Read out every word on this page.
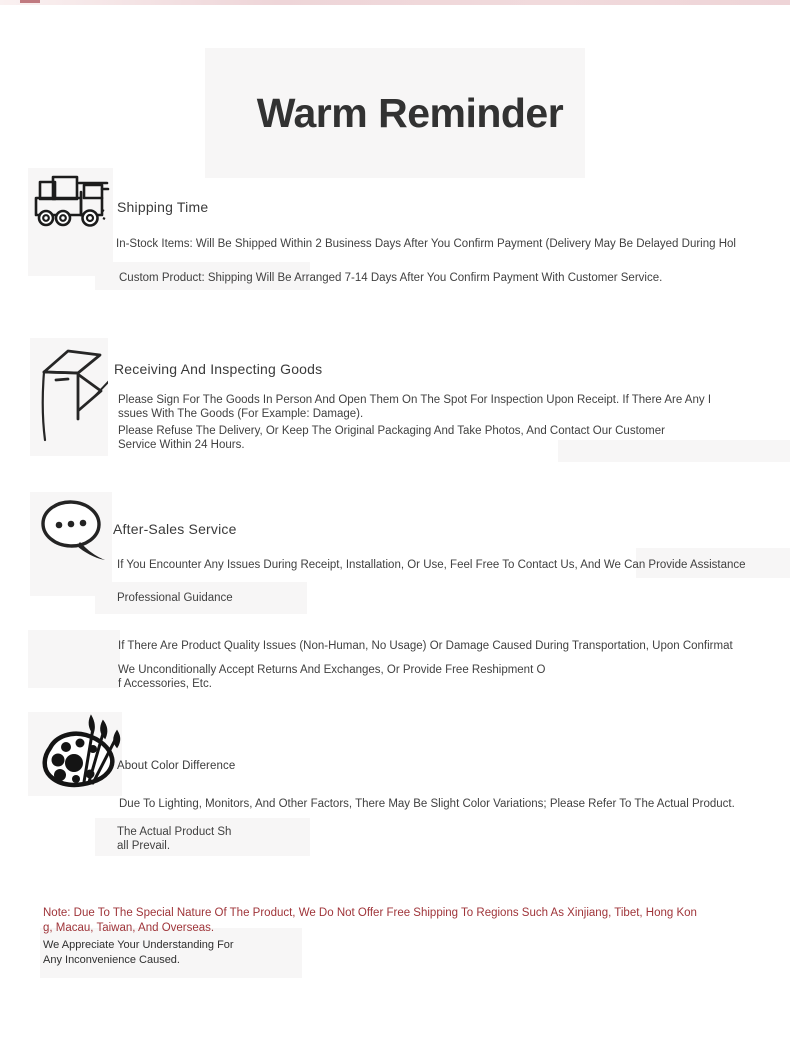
Warm Reminder
Shipping Time
In-Stock Items: Will Be Shipped Within 2 Business Days After You Confirm Payment (Delivery May Be Delayed During Hol
Custom Product: Shipping Will Be Arranged 7-14 Days After You Confirm Payment With Customer Service.
Receiving And Inspecting Goods
Please Sign For The Goods In Person And Open Them On The Spot For Inspection Upon Receipt. If There Are Any I
ssues With The Goods (For Example: Damage).
Please Refuse The Delivery, Or Keep The Original Packaging And Take Photos, And Contact Our Customer
Service Within 24 Hours.
After-Sales Service
If You Encounter Any Issues During Receipt, Installation, Or Use, Feel Free To Contact Us, And We Can Provide Assistance
Professional Guidance
If There Are Product Quality Issues (Non-Human, No Usage) Or Damage Caused During Transportation, Upon Confirmat
We Unconditionally Accept Returns And Exchanges, Or Provide Free Reshipment O
f Accessories, Etc.
About Color Difference
Due To Lighting, Monitors, And Other Factors, There May Be Slight Color Variations; Please Refer To The Actual Product.
The Actual Product Sh
all Prevail.
Note: Due To The Special Nature Of The Product, We Do Not Offer Free Shipping To Regions Such As Xinjiang, Tibet, Hong Kon
g, Macau, Taiwan, And Overseas.
We Appreciate Your Understanding For
Any Inconvenience Caused.
